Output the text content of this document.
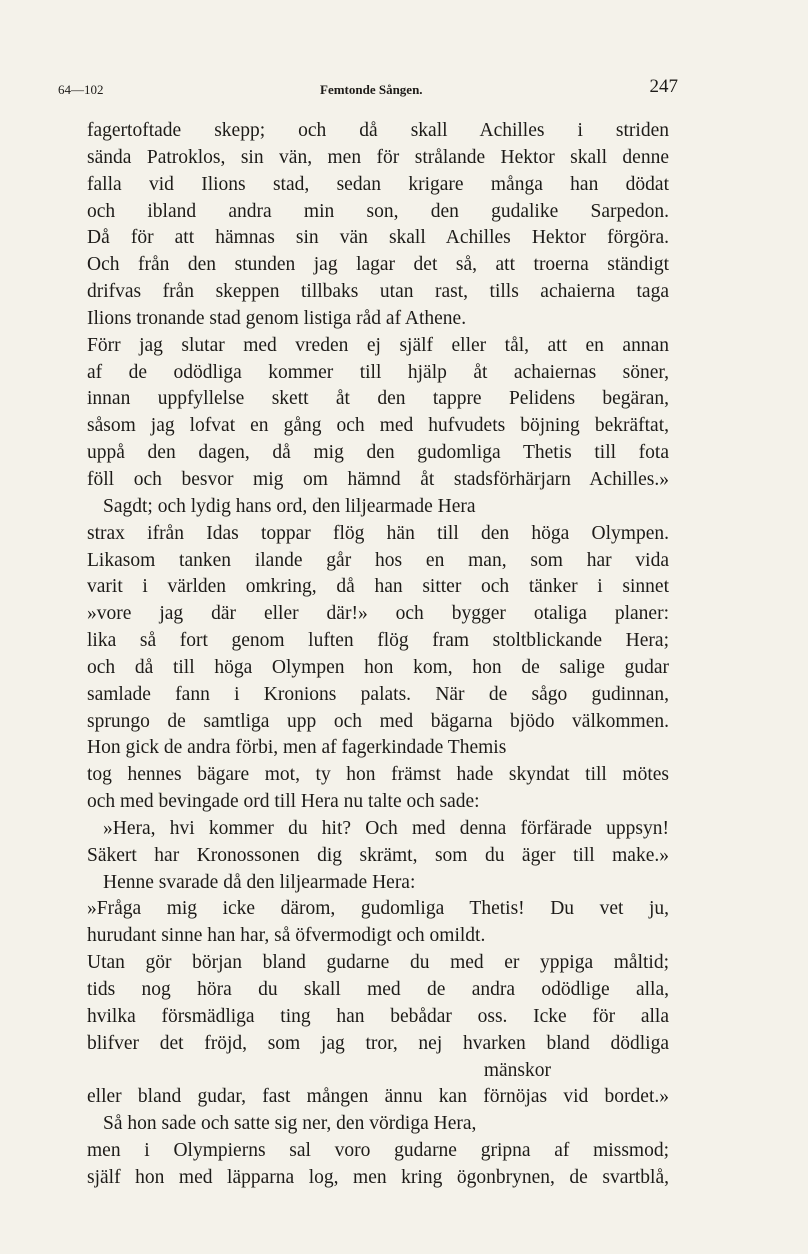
64—102	Femtonde Sången.	247
fagertoftade skepp; och då skall Achilles i striden
sända Patroklos, sin vän, men för strålande Hektor skall denne
falla vid Ilions stad, sedan krigare många han dödat
och ibland andra min son, den gudalike Sarpedon.
Då för att hämnas sin vän skall Achilles Hektor förgöra.
Och från den stunden jag lagar det så, att troerna ständigt
drifvas från skeppen tillbaks utan rast, tills achaierna taga
Ilions tronande stad genom listiga råd af Athene.
Förr jag slutar med vreden ej själf eller tål, att en annan
af de odödliga kommer till hjälp åt achaiernas söner,
innan uppfyllelse skett åt den tappre Pelidens begäran,
såsom jag lofvat en gång och med hufvudets böjning bekräftat,
uppå den dagen, då mig den gudomliga Thetis till fota
föll och besvor mig om hämnd åt stadsförhärjarn Achilles.»
Sagdt; och lydig hans ord, den liljearmade Hera
strax ifrån Idas toppar flög hän till den höga Olympen.
Likasom tanken ilande går hos en man, som har vida
varit i världen omkring, då han sitter och tänker i sinnet
»vore jag där eller där!» och bygger otaliga planer:
lika så fort genom luften flög fram stoltblickande Hera;
och då till höga Olympen hon kom, hon de salige gudar
samlade fann i Kronions palats. När de sågo gudinnan,
sprungo de samtliga upp och med bägarna bjödo välkommen.
Hon gick de andra förbi, men af fagerkindade Themis
tog hennes bägare mot, ty hon främst hade skyndat till mötes
och med bevingade ord till Hera nu talte och sade:
»Hera, hvi kommer du hit? Och med denna förfärade uppsyn!
Säkert har Kronossonen dig skrämt, som du äger till make.»
Henne svarade då den liljearmade Hera:
»Fråga mig icke därom, gudomliga Thetis! Du vet ju,
hurudant sinne han har, så öfvermodigt och omildt.
Utan gör början bland gudarne du med er yppiga måltid;
tids nog höra du skall med de andra odödlige alla,
hvilka försmädliga ting han bebådar oss. Icke för alla
blifver det fröjd, som jag tror, nej hvarken bland dödliga
mänskor
eller bland gudar, fast mången ännu kan förnöjas vid bordet.»
Så hon sade och satte sig ner, den vördiga Hera,
men i Olympierns sal voro gudarne gripna af missmod;
själf hon med läpparna log, men kring ögonbrynen, de svartblå,
